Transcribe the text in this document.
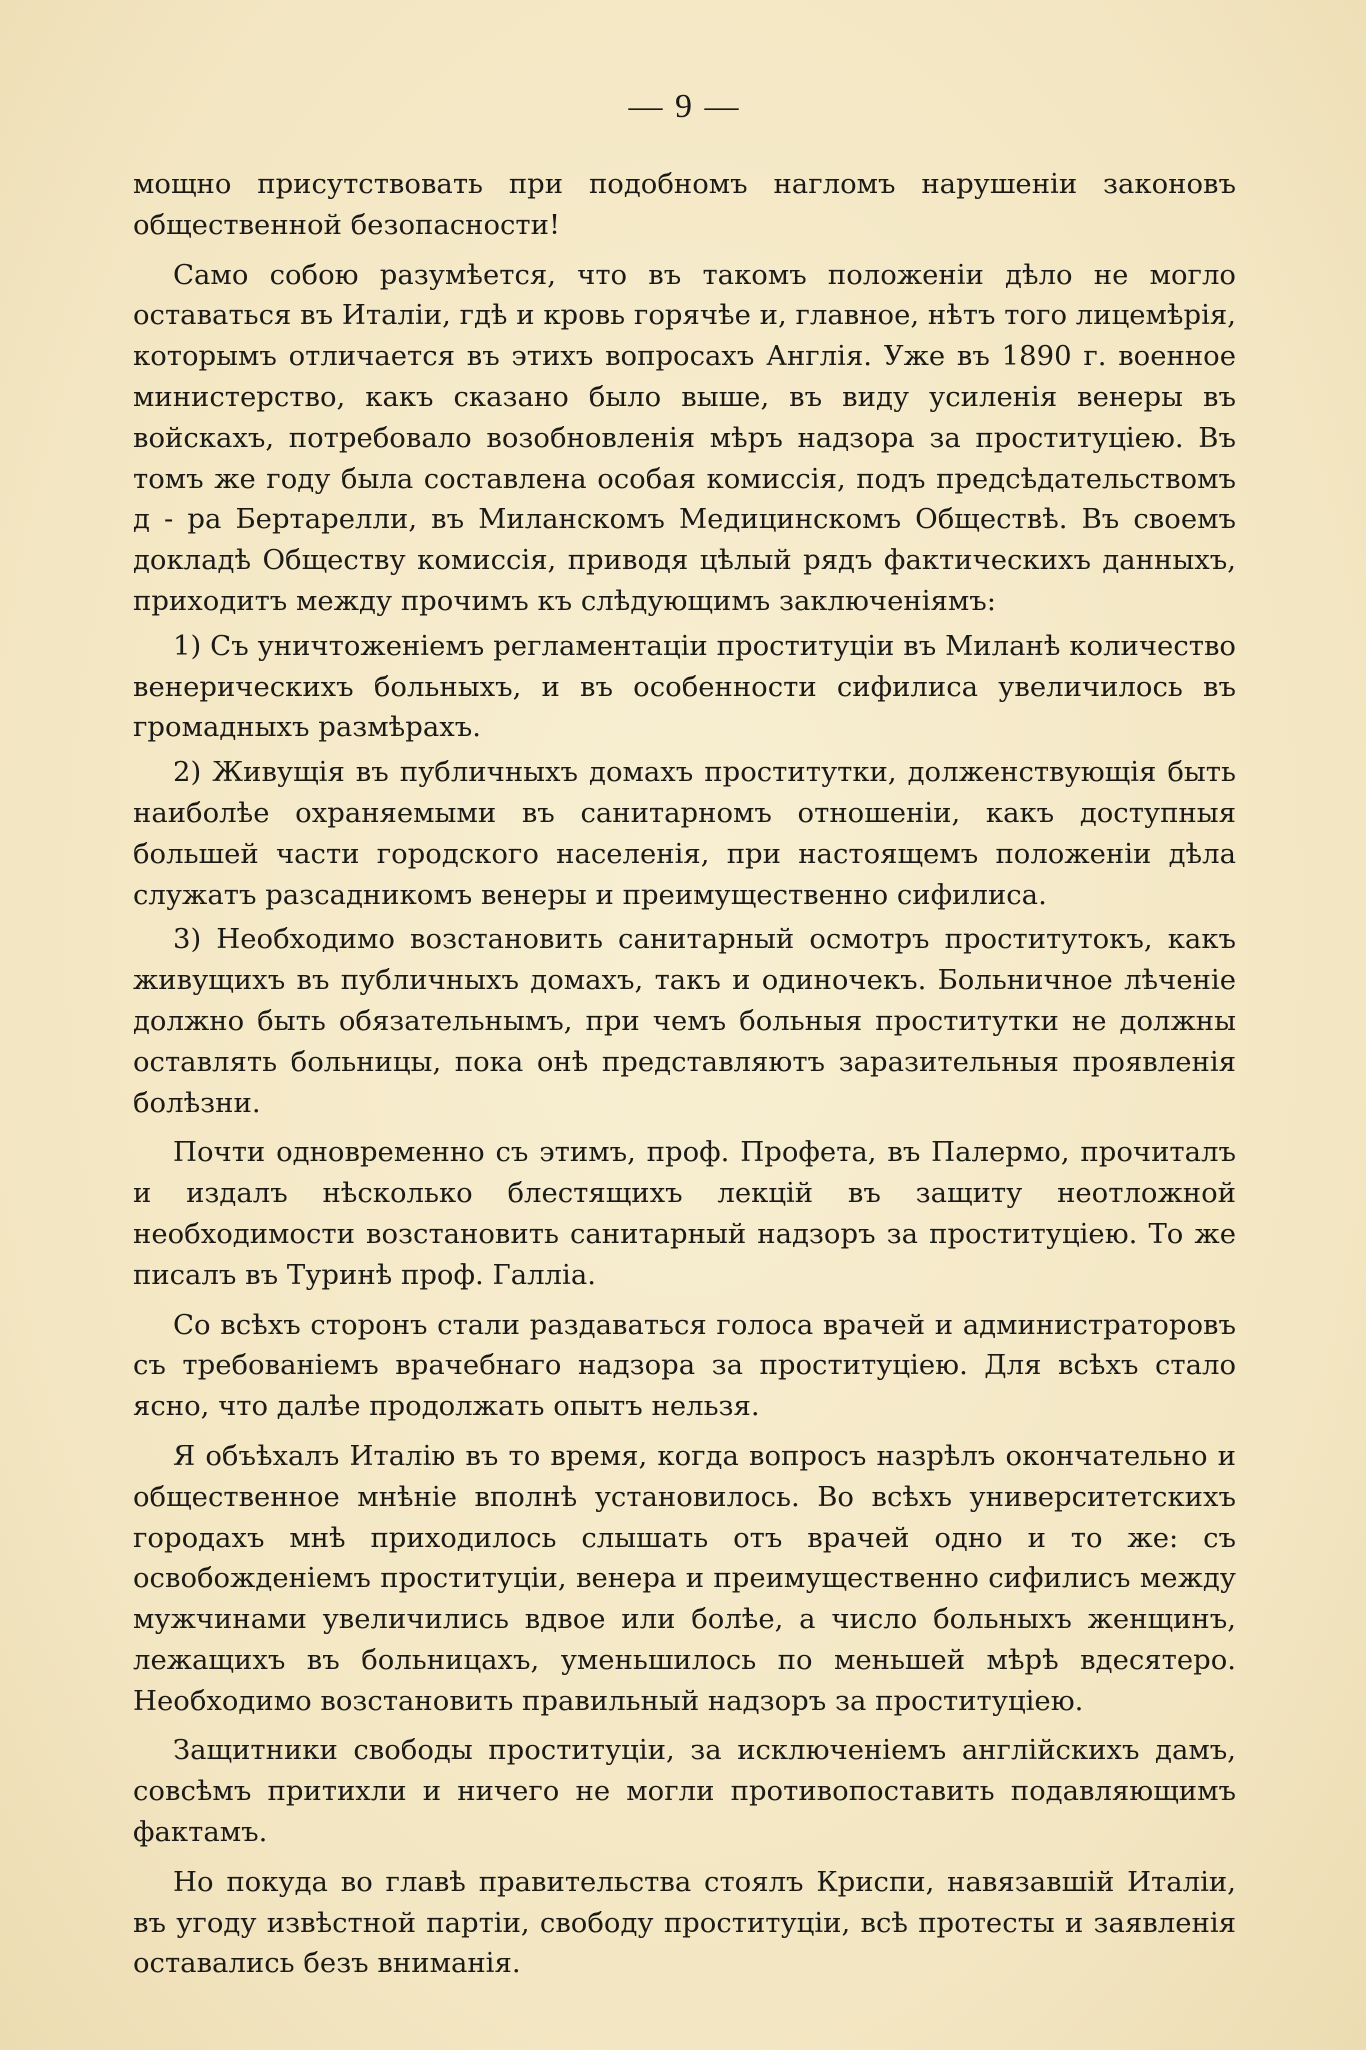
— 9 —

мощно присутствовать при подобномъ нагломъ нарушенiи законовъ общественной безопасности!

Само собою разумѣется, что въ такомъ положенiи дѣло не могло оставаться въ Италiи, гдѣ и кровь горячѣе и, главное, нѣтъ того лицемѣрiя, которымъ отличается въ этихъ вопросахъ Англiя. Уже въ 1890 г. военное министерство, какъ сказано было выше, въ виду усиленiя венеры въ войскахъ, потребовало возобновленiя мѣръ надзора за проституцiею. Въ томъ же году была составлена особая комиссiя, подъ предсѣдательствомъ д - ра Бертарелли, въ Миланскомъ Медицинскомъ Обществѣ. Въ своемъ докладѣ Обществу комиссiя, приводя цѣлый рядъ фактическихъ данныхъ, приходитъ между прочимъ къ слѣдующимъ заключенiямъ:

1) Съ уничтоженiемъ регламентацiи проституцiи въ Миланѣ количество венерическихъ больныхъ, и въ особенности сифилиса увеличилось въ громадныхъ размѣрахъ.

2) Живущiя въ публичныхъ домахъ проститутки, долженствующiя быть наиболѣе охраняемыми въ санитарномъ отношенiи, какъ доступныя большей части городского населенiя, при настоящемъ положенiи дѣла служатъ разсадникомъ венеры и преимущественно сифилиса.

3) Необходимо возстановить санитарный осмотръ проститутокъ, какъ живущихъ въ публичныхъ домахъ, такъ и одиночекъ. Больничное лѣченiе должно быть обязательнымъ, при чемъ больныя проститутки не должны оставлять больницы, пока онѣ представляютъ заразительныя проявленiя болѣзни.

Почти одновременно съ этимъ, проф. Профета, въ Палермо, прочиталъ и издалъ нѣсколько блестящихъ лекцiй въ защиту неотложной необходимости возстановить санитарный надзоръ за проституцiею. То же писалъ въ Туринѣ проф. Галлiа.

Со всѣхъ сторонъ стали раздаваться голоса врачей и администраторовъ съ требованiемъ врачебнаго надзора за проституцiею. Для всѣхъ стало ясно, что далѣе продолжать опытъ нельзя.

Я объѣхалъ Италiю въ то время, когда вопросъ назрѣлъ окончательно и общественное мнѣнiе вполнѣ установилось. Во всѣхъ университетскихъ городахъ мнѣ приходилось слышать отъ врачей одно и то же: съ освобожденiемъ проституцiи, венера и преимущественно сифилисъ между мужчинами увеличились вдвое или болѣе, а число больныхъ женщинъ, лежащихъ въ больницахъ, уменьшилось по меньшей мѣрѣ вдесятеро. Необходимо возстановить правильный надзоръ за проституцiею.

Защитники свободы проституцiи, за исключенiемъ англiйскихъ дамъ, совсѣмъ притихли и ничего не могли противопоставить подавляющимъ фактамъ.

Но покуда во главѣ правительства стоялъ Криспи, навязавшiй Италiи, въ угоду извѣстной партiи, свободу проституцiи, всѣ протесты и заявленiя оставались безъ вниманiя.
